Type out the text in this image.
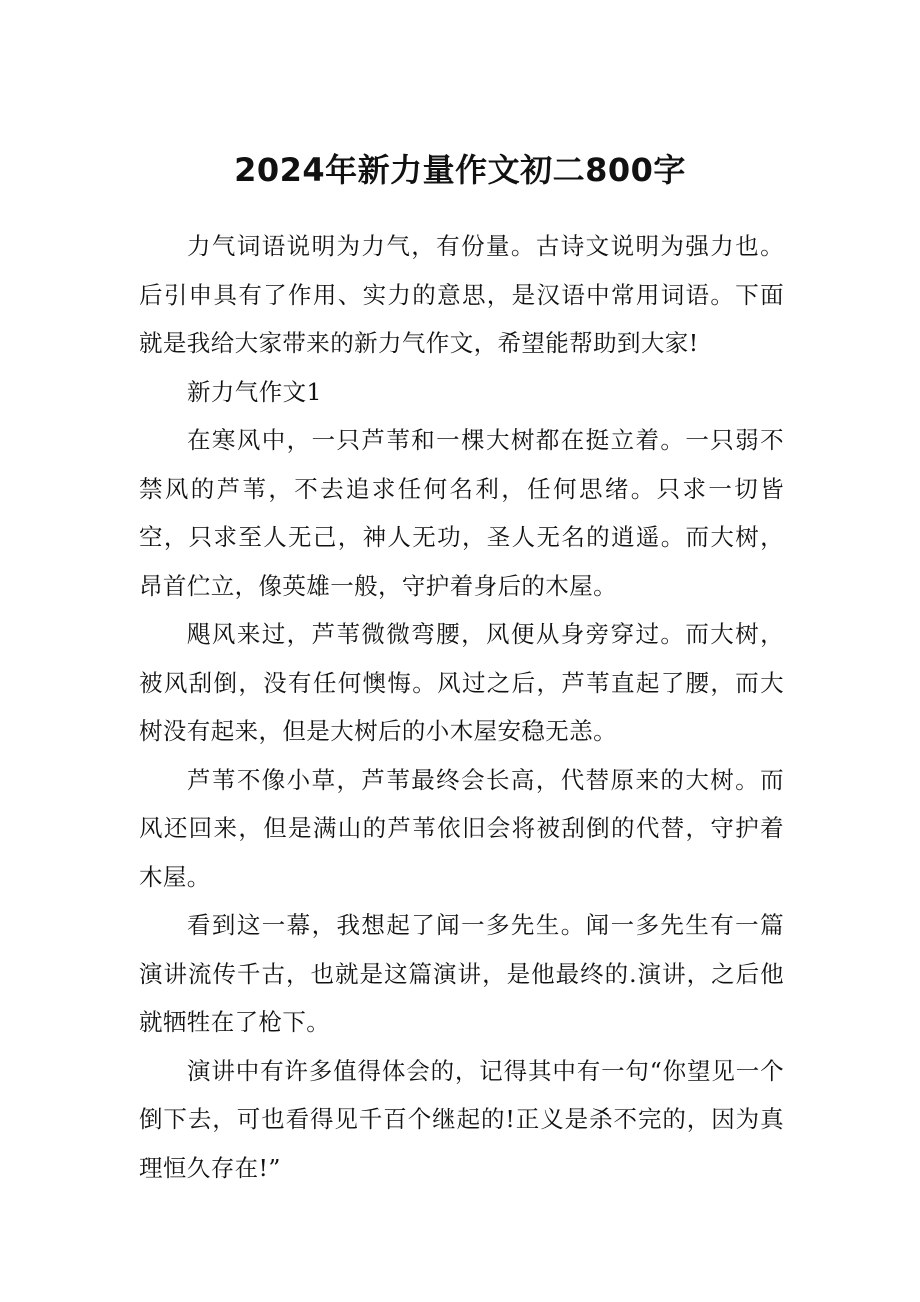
2024年新力量作文初二800字

力气词语说明为力气，有份量。古诗文说明为强力也。后引申具有了作用、实力的意思，是汉语中常用词语。下面就是我给大家带来的新力气作文，希望能帮助到大家!

新力气作文1

在寒风中，一只芦苇和一棵大树都在挺立着。一只弱不禁风的芦苇，不去追求任何名利，任何思绪。只求一切皆空，只求至人无己，神人无功，圣人无名的逍遥。而大树，昂首伫立，像英雄一般，守护着身后的木屋。

飓风来过，芦苇微微弯腰，风便从身旁穿过。而大树，被风刮倒，没有任何懊悔。风过之后，芦苇直起了腰，而大树没有起来，但是大树后的小木屋安稳无恙。

芦苇不像小草，芦苇最终会长高，代替原来的大树。而风还回来，但是满山的芦苇依旧会将被刮倒的代替，守护着木屋。

看到这一幕，我想起了闻一多先生。闻一多先生有一篇演讲流传千古，也就是这篇演讲，是他最终的.演讲，之后他就牺牲在了枪下。

演讲中有许多值得体会的，记得其中有一句“你望见一个倒下去，可也看得见千百个继起的!正义是杀不完的，因为真理恒久存在!”
